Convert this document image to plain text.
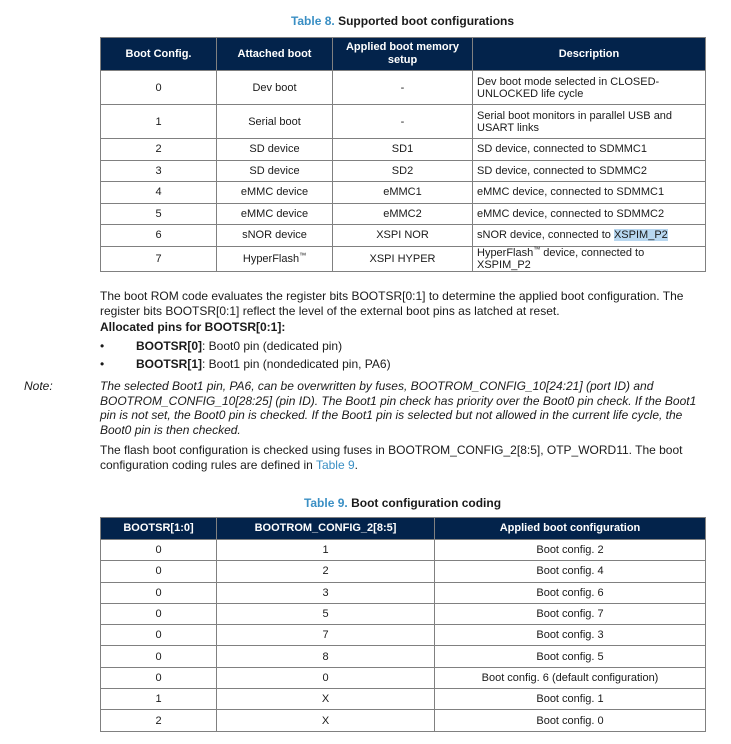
Table 8. Supported boot configurations
Boot Config.	Attached boot	Applied boot memory setup	Description
0	Dev boot	-	Dev boot mode selected in CLOSED-UNLOCKED life cycle
1	Serial boot	-	Serial boot monitors in parallel USB and USART links
2	SD device	SD1	SD device, connected to SDMMC1
3	SD device	SD2	SD device, connected to SDMMC2
4	eMMC device	eMMC1	eMMC device, connected to SDMMC1
5	eMMC device	eMMC2	eMMC device, connected to SDMMC2
6	sNOR device	XSPI NOR	sNOR device, connected to XSPIM_P2
7	HyperFlash™	XSPI HYPER	HyperFlash™ device, connected to XSPIM_P2
The boot ROM code evaluates the register bits BOOTSR[0:1] to determine the applied boot configuration. The register bits BOOTSR[0:1] reflect the level of the external boot pins as latched at reset.
Allocated pins for BOOTSR[0:1]:
•	BOOTSR[0]: Boot0 pin (dedicated pin)
•	BOOTSR[1]: Boot1 pin (nondedicated pin, PA6)
Note:	The selected Boot1 pin, PA6, can be overwritten by fuses, BOOTROM_CONFIG_10[24:21] (port ID) and BOOTROM_CONFIG_10[28:25] (pin ID). The Boot1 pin check has priority over the Boot0 pin check. If the Boot1 pin is not set, the Boot0 pin is checked. If the Boot1 pin is selected but not allowed in the current life cycle, the Boot0 pin is then checked.
The flash boot configuration is checked using fuses in BOOTROM_CONFIG_2[8:5], OTP_WORD11. The boot configuration coding rules are defined in Table 9.
Table 9. Boot configuration coding
BOOTSR[1:0]	BOOTROM_CONFIG_2[8:5]	Applied boot configuration
0	1	Boot config. 2
0	2	Boot config. 4
0	3	Boot config. 6
0	5	Boot config. 7
0	7	Boot config. 3
0	8	Boot config. 5
0	0	Boot config. 6 (default configuration)
1	X	Boot config. 1
2	X	Boot config. 0
